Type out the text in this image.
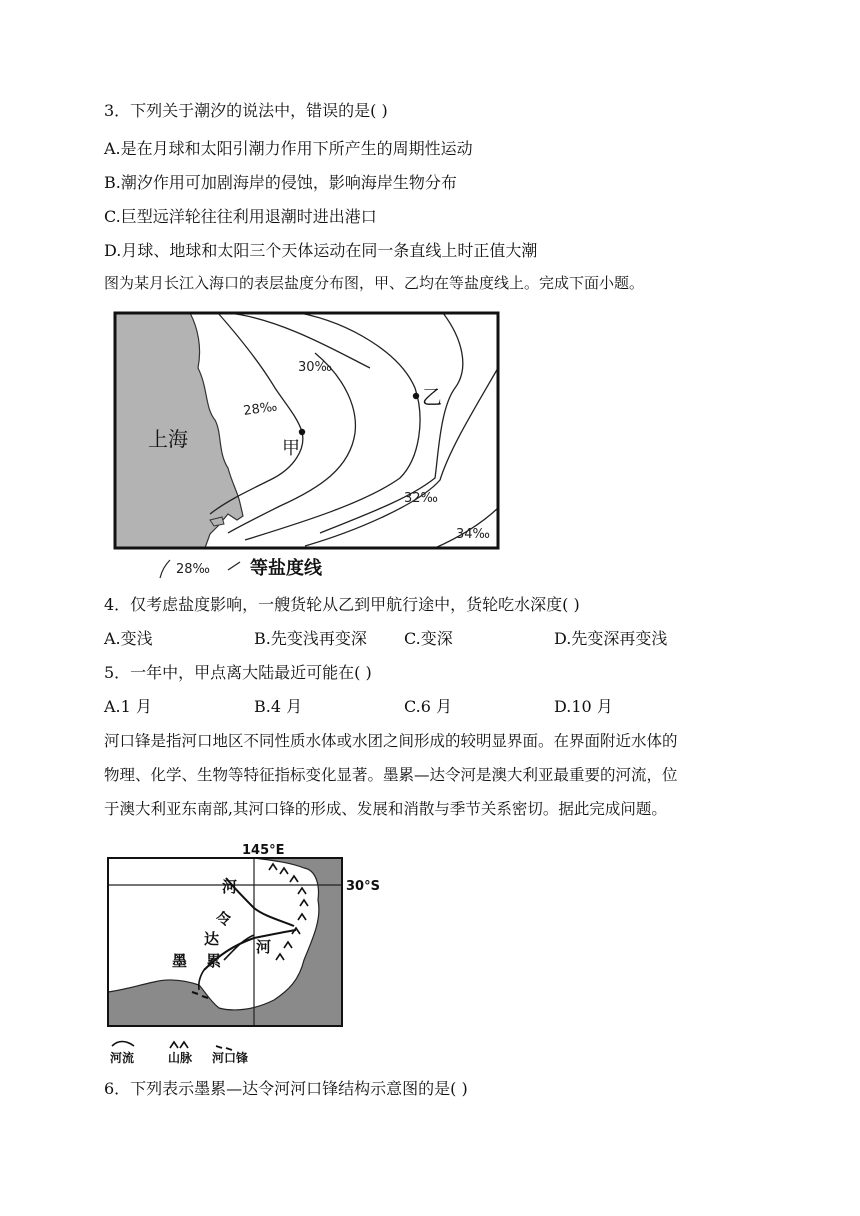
3．下列关于潮汐的说法中，错误的是( )
A.是在月球和太阳引潮力作用下所产生的周期性运动
B.潮汐作用可加剧海岸的侵蚀，影响海岸生物分布
C.巨型远洋轮往往利用退潮时进出港口
D.月球、地球和太阳三个天体运动在同一条直线上时正值大潮
图为某月长江入海口的表层盐度分布图，甲、乙均在等盐度线上。完成下面小题。
上海	甲
乙
28‰
30‰
32‰
34‰
28‰ 等盐度线
4．仅考虑盐度影响，一艘货轮从乙到甲航行途中，货轮吃水深度( )
A.变浅	B.先变浅再变深 C.变深	D.先变深再变浅
5．一年中，甲点离大陆最近可能在( )
A.1 月	B.4 月	C.6 月	D.10 月
河口锋是指河口地区不同性质水体或水团之间形成的较明显界面。在界面附近水体的
物理、化学、生物等特征指标变化显著。墨累—达令河是澳大利亚最重要的河流，位
于澳大利亚东南部,其河口锋的形成、发展和消散与季节关系密切。据此完成问题。
145°E
30°S
河
令
达
墨 累
河
河流	山脉 河口锋
6．下列表示墨累—达令河河口锋结构示意图的是( )
